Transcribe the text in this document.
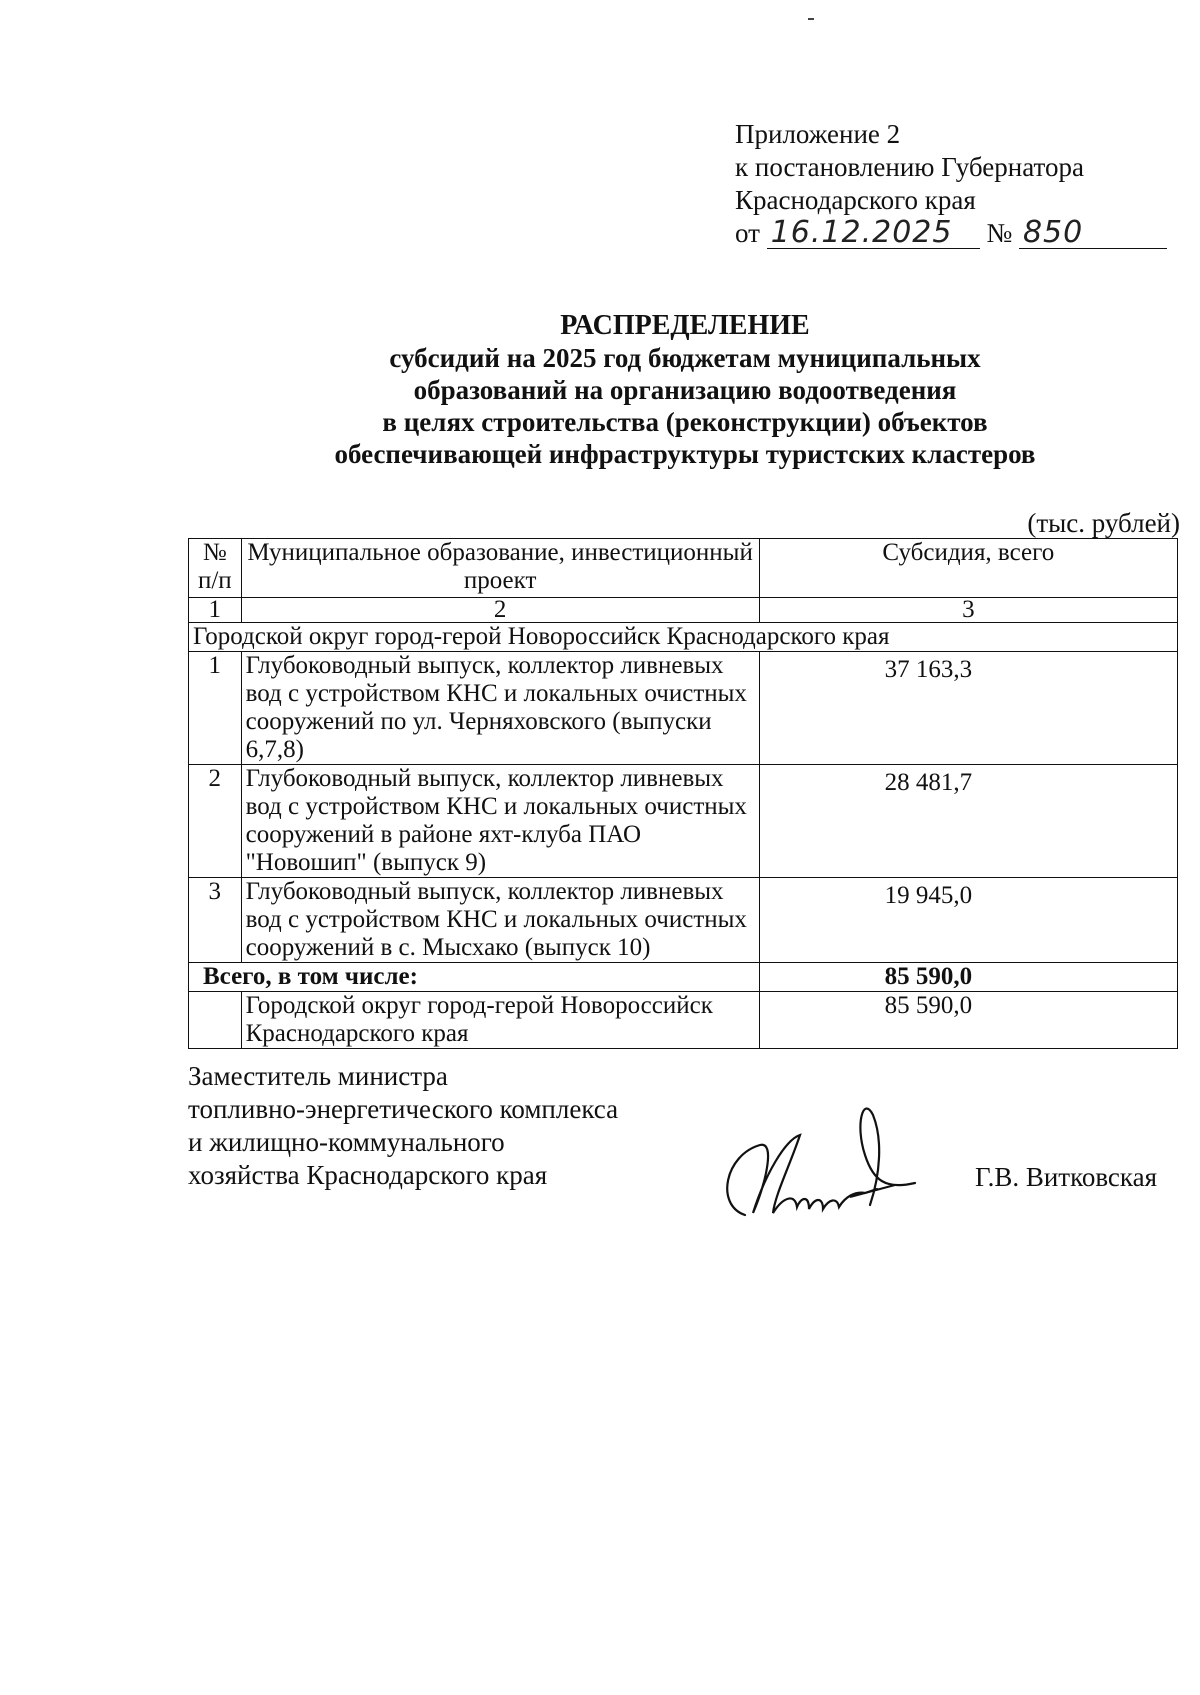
Приложение 2
к постановлению Губернатора
Краснодарского края
от 16.12.2025 № 850
РАСПРЕДЕЛЕНИЕ
субсидий на 2025 год бюджетам муниципальных
образований на организацию водоотведения
в целях строительства (реконструкции) объектов
обеспечивающей инфраструктуры туристских кластеров
(тыс. рублей)
№ п/п	Муниципальное образование, инвестиционный проект	Субсидия, всего
1	2	3
Городской округ город-герой Новороссийск Краснодарского края		
1	Глубоководный выпуск, коллектор ливневых вод с устройством КНС и локальных очистных сооружений по ул. Черняховского (выпуски 6,7,8)	37 163,3
2	Глубоководный выпуск, коллектор ливневых вод с устройством КНС и локальных очистных сооружений в районе яхт-клуба ПАО "Новошип" (выпуск 9)	28 481,7
3	Глубоководный выпуск, коллектор ливневых вод с устройством КНС и локальных очистных сооружений в с. Мысхако (выпуск 10)	19 945,0
Всего, в том числе:		85 590,0
	Городской округ город-герой Новороссийск Краснодарского края	85 590,0
Заместитель министра
топливно-энергетического комплекса
и жилищно-коммунального
хозяйства Краснодарского края	Г.В. Витковская
